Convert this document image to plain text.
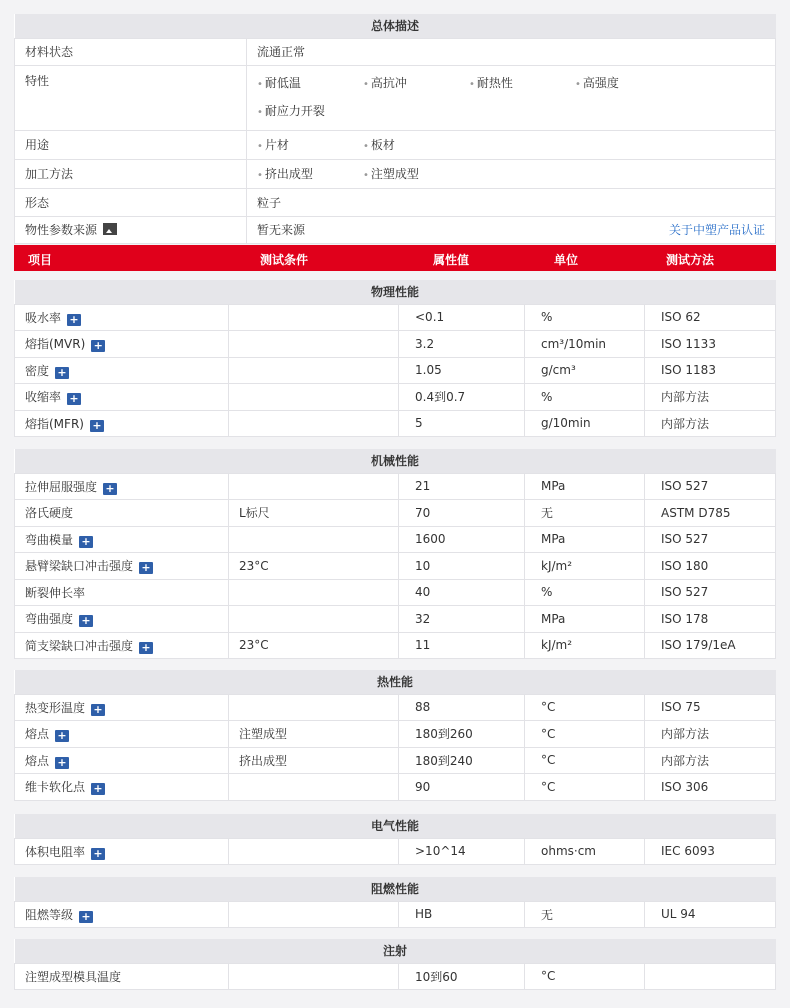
总体描述	
材料状态	流通正常
特性	• 耐低温 • 高抗冲 • 耐热性 • 高强度
• 耐应力开裂
用途	• 片材 • 板材
加工方法	• 挤出成型 • 注塑成型
形态	粒子
物性参数来源	暂无来源 关于中塑产品认证
项目	测试条件	属性值	单位	测试方法
物理性能				
吸水率 +		<0.1	%	ISO 62
熔指(MVR) +		3.2	cm³/10min	ISO 1133
密度 +		1.05	g/cm³	ISO 1183
收缩率 +		0.4到0.7	%	内部方法
熔指(MFR) +		5	g/10min	内部方法
机械性能				
拉伸屈服强度 +		21	MPa	ISO 527
洛氏硬度	L标尺	70	无	ASTM D785
弯曲模量 +		1600	MPa	ISO 527
悬臂梁缺口冲击强度 +	23°C	10	kJ/m²	ISO 180
断裂伸长率		40	%	ISO 527
弯曲强度 +		32	MPa	ISO 178
简支梁缺口冲击强度 +	23°C	11	kJ/m²	ISO 179/1eA
热性能				
热变形温度 +		88	°C	ISO 75
熔点 +	注塑成型	180到260	°C	内部方法
熔点 +	挤出成型	180到240	°C	内部方法
维卡软化点 +		90	°C	ISO 306
电气性能
体积电阻率 +		>10^14	ohms·cm	IEC 6093
阻燃性能
阻燃等级 +		HB	无	UL 94
注射
注塑成型模具温度		10到60	°C	
